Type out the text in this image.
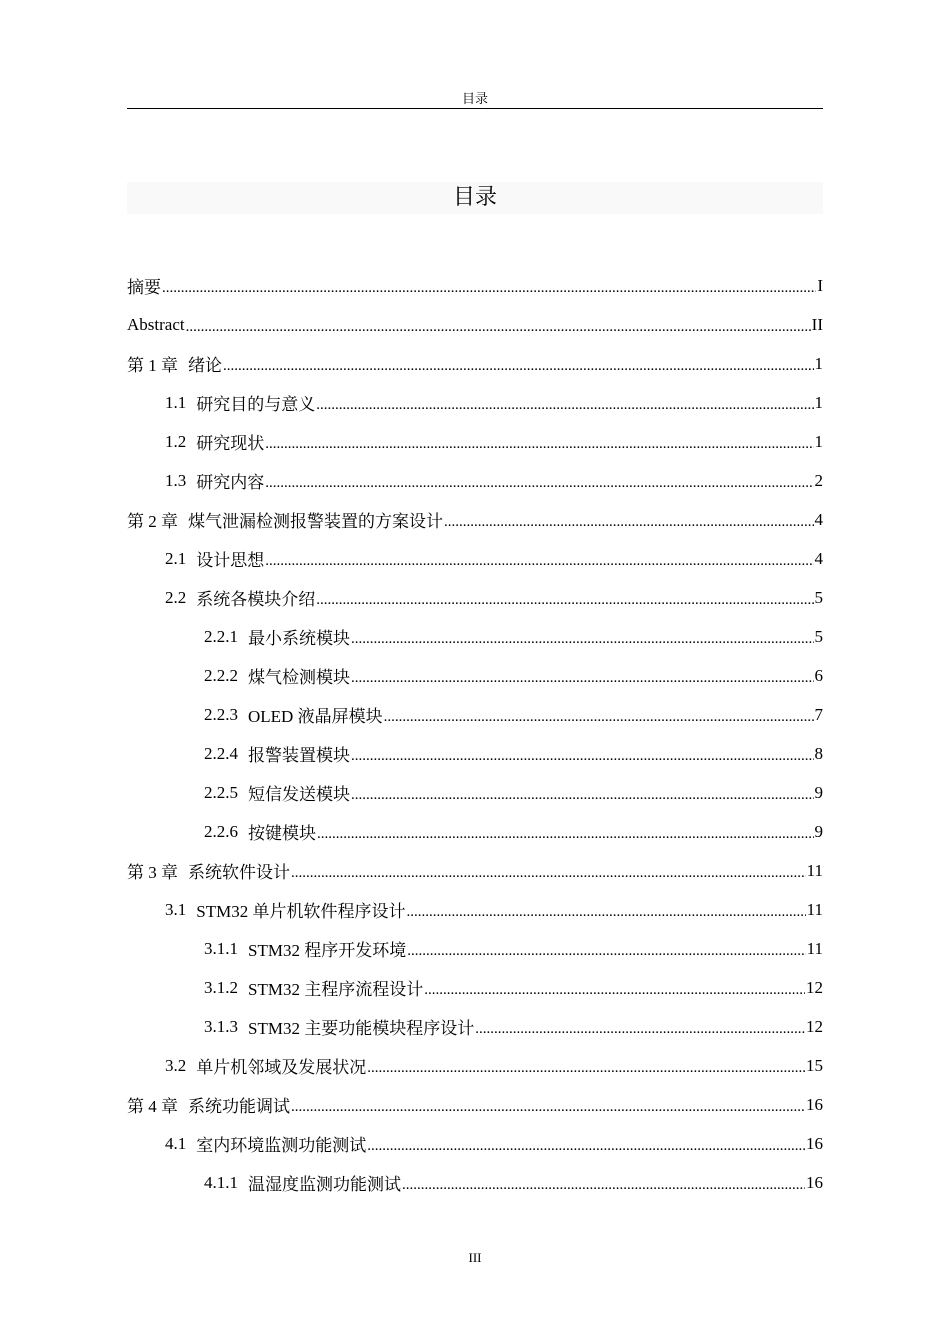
目录
目录
摘要 .....	I
Abstract .....	II
第 1 章 绪论 .....	1
1.1 研究目的与意义 .....	1
1.2 研究现状 .....	1
1.3 研究内容 .....	2
第 2 章 煤气泄漏检测报警装置的方案设计 .....	4
2.1 设计思想 .....	4
2.2 系统各模块介绍 .....	5
2.2.1 最小系统模块 .....	5
2.2.2 煤气检测模块 .....	6
2.2.3 OLED 液晶屏模块 .....	7
2.2.4 报警装置模块 .....	8
2.2.5 短信发送模块 .....	9
2.2.6 按键模块 .....	9
第 3 章 系统软件设计 .....	11
3.1 STM32 单片机软件程序设计 .....	11
3.1.1 STM32 程序开发环境 .....	11
3.1.2 STM32 主程序流程设计 .....	12
3.1.3 STM32 主要功能模块程序设计 .....	12
3.2 单片机邻域及发展状况 .....	15
第 4 章 系统功能调试 .....	16
4.1 室内环境监测功能测试 .....	16
4.1.1 温湿度监测功能测试 .....	16
III
